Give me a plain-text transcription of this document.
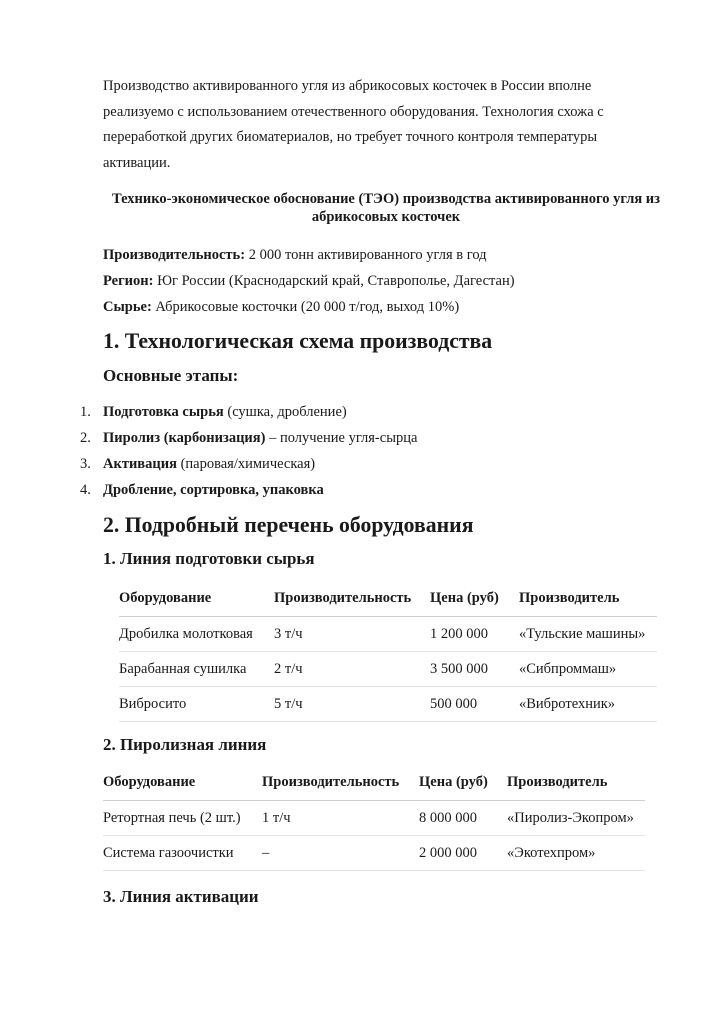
Производство активированного угля из абрикосовых косточек в России вполне реализуемо с использованием отечественного оборудования. Технология схожа с переработкой других биоматериалов, но требует точного контроля температуры активации.

Технико-экономическое обоснование (ТЭО) производства активированного угля из абрикосовых косточек

Производительность: 2 000 тонн активированного угля в год

Регион: Юг России (Краснодарский край, Ставрополье, Дагестан)

Сырье: Абрикосовые косточки (20 000 т/год, выход 10%)

1. Технологическая схема производства
Основные этапы:
1. Подготовка сырья (сушка, дробление)
2. Пиролиз (карбонизация) – получение угля-сырца
3. Активация (паровая/химическая)
4. Дробление, сортировка, упаковка
2. Подробный перечень оборудования
1. Линия подготовки сырья
Оборудование	Производительность	Цена (руб)	Производитель
Дробилка молотковая	3 т/ч	1 200 000	«Тульские машины»
Барабанная сушилка	2 т/ч	3 500 000	«Сибпроммаш»
Вибросито	5 т/ч	500 000	«Вибротехник»
2. Пиролизная линия
Оборудование	Производительность	Цена (руб)	Производитель
Ретортная печь (2 шт.)	1 т/ч	8 000 000	«Пиролиз-Экопром»
Система газоочистки	–	2 000 000	«Экотехпром»
3. Линия активации
